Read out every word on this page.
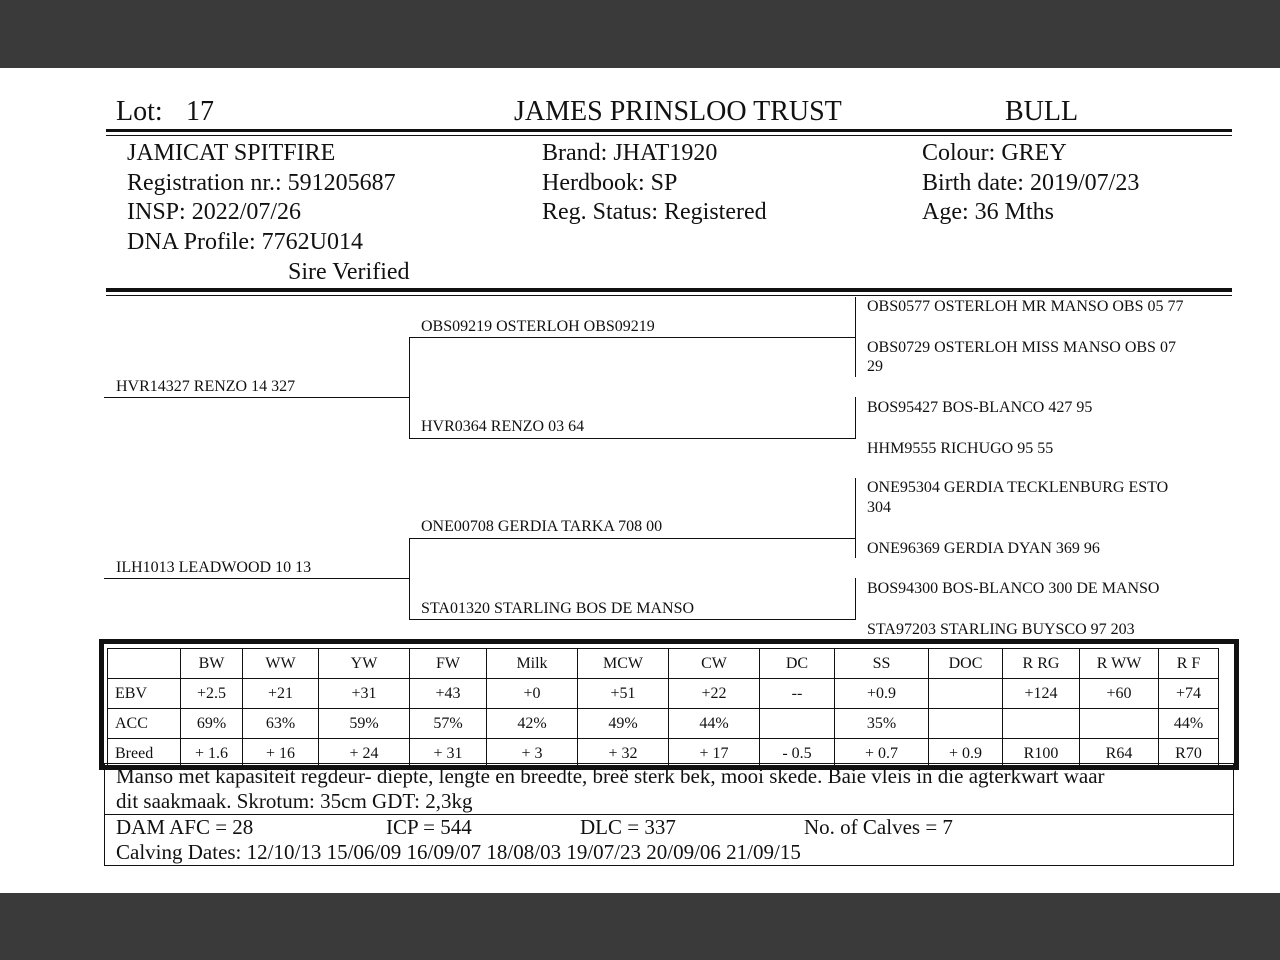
Lot: 17	JAMES PRINSLOO TRUST	BULL
JAMICAT SPITFIRE
Registration nr.: 591205687
INSP: 2022/07/26
DNA Profile: 7762U014
Sire Verified
Brand: JHAT1920
Herdbook: SP
Reg. Status: Registered
Colour: GREY
Birth date: 2019/07/23
Age: 36 Mths
HVR14327 RENZO 14 327
ILH1013 LEADWOOD 10 13
OBS09219 OSTERLOH OBS09219
HVR0364 RENZO 03 64
ONE00708 GERDIA TARKA 708 00
STA01320 STARLING BOS DE MANSO
OBS0577 OSTERLOH MR MANSO OBS 05 77
OBS0729 OSTERLOH MISS MANSO OBS 07
29
BOS95427 BOS-BLANCO 427 95
HHM9555 RICHUGO 95 55
ONE95304 GERDIA TECKLENBURG ESTO
304
ONE96369 GERDIA DYAN 369 96
BOS94300 BOS-BLANCO 300 DE MANSO
STA97203 STARLING BUYSCO 97 203
	BW	WW	YW	FW	Milk	MCW	CW	DC	SS	DOC	R RG	R WW	R F
EBV	+2.5	+21	+31	+43	+0	+51	+22	--	+0.9		+124	+60	+74
ACC	69%	63%	59%	57%	42%	49%	44%		35%				44%
Breed	+ 1.6	+ 16	+ 24	+ 31	+ 3	+ 32	+ 17	- 0.5	+ 0.7	+ 0.9	R100	R64	R70
Manso met kapasiteit regdeur- diepte, lengte en breedte, breë sterk bek, mooi skede. Baie vleis in die agterkwart waar
dit saakmaak. Skrotum: 35cm GDT: 2,3kg
DAM AFC = 28	ICP = 544	DLC = 337	No. of Calves = 7
Calving Dates: 12/10/13 15/06/09 16/09/07 18/08/03 19/07/23 20/09/06 21/09/15
